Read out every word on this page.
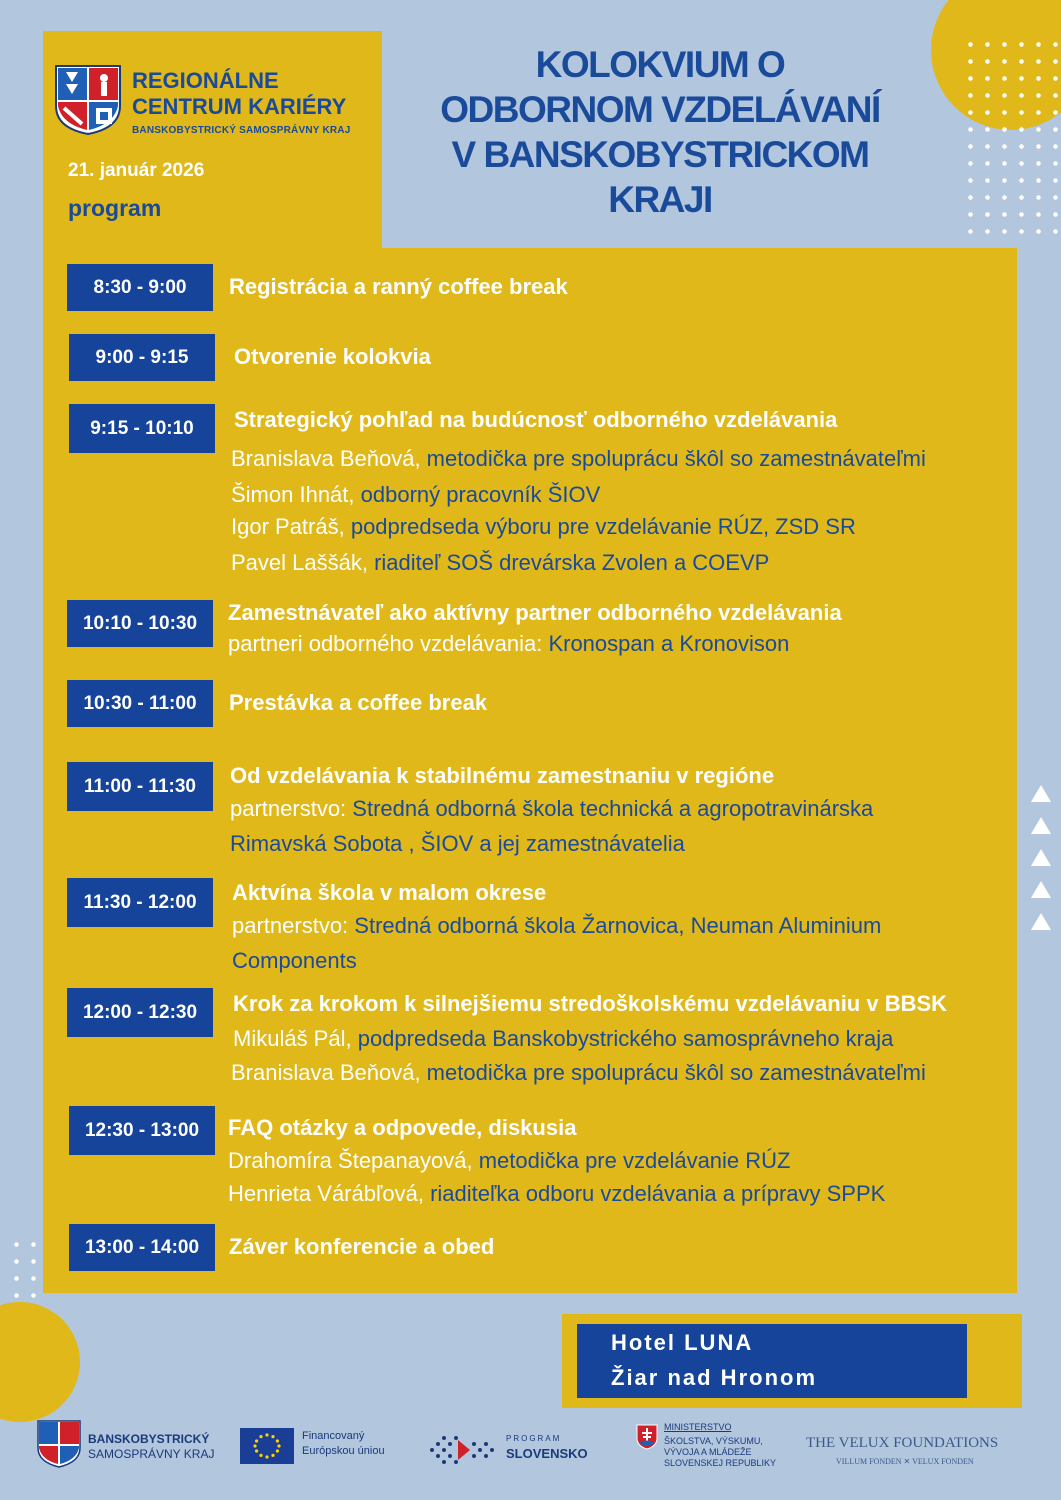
REGIONÁLNE
CENTRUM KARIÉRY
BANSKOBYSTRICKÝ SAMOSPRÁVNY KRAJ
21. január 2026
program
KOLOKVIUM O
ODBORNOM VZDELÁVANÍ
V BANSKOBYSTRICKOM
KRAJI
8:30 - 9:00	Registrácia a ranný coffee break
9:00 - 9:15	Otvorenie kolokvia
9:15 - 10:10	Strategický pohľad na budúcnosť odborného vzdelávania
Branislava Beňová, metodička pre spoluprácu škôl so zamestnávateľmi
Šimon Ihnát, odborný pracovník ŠIOV
Igor Patráš, podpredseda výboru pre vzdelávanie RÚZ, ZSD SR
Pavel Laššák, riaditeľ SOŠ drevárska Zvolen a COEVP
10:10 - 10:30	Zamestnávateľ ako aktívny partner odborného vzdelávania
partneri odborného vzdelávania: Kronospan a Kronovison
10:30 - 11:00	Prestávka a coffee break
11:00 - 11:30	Od vzdelávania k stabilnému zamestnaniu v regióne
partnerstvo: Stredná odborná škola technická a agropotravinárska
Rimavská Sobota , ŠIOV a jej zamestnávatelia
11:30 - 12:00	Aktvína škola v malom okrese
partnerstvo: Stredná odborná škola Žarnovica, Neuman Aluminium
Components
12:00 - 12:30	Krok za krokom k silnejšiemu stredoškolskému vzdelávaniu v BBSK
Mikuláš Pál, podpredseda Banskobystrického samosprávneho kraja
Branislava Beňová, metodička pre spoluprácu škôl so zamestnávateľmi
12:30 - 13:00	FAQ otázky a odpovede, diskusia
Drahomíra Štepanayová, metodička pre vzdelávanie RÚZ
Henrieta Várábľová, riaditeľka odboru vzdelávania a prípravy SPPK
13:00 - 14:00	Záver konferencie a obed
Hotel LUNA
Žiar nad Hronom
BANSKOBYSTRICKÝ
SAMOSPRÁVNY KRAJ
Financovaný
Európskou úniou
PROGRAM
SLOVENSKO
MINISTERSTVO
ŠKOLSTVA, VÝSKUMU,
VÝVOJA A MLÁDEŽE
SLOVENSKEJ REPUBLIKY
THE VELUX FOUNDATIONS
VILLUM FONDEN ✕ VELUX FONDEN
